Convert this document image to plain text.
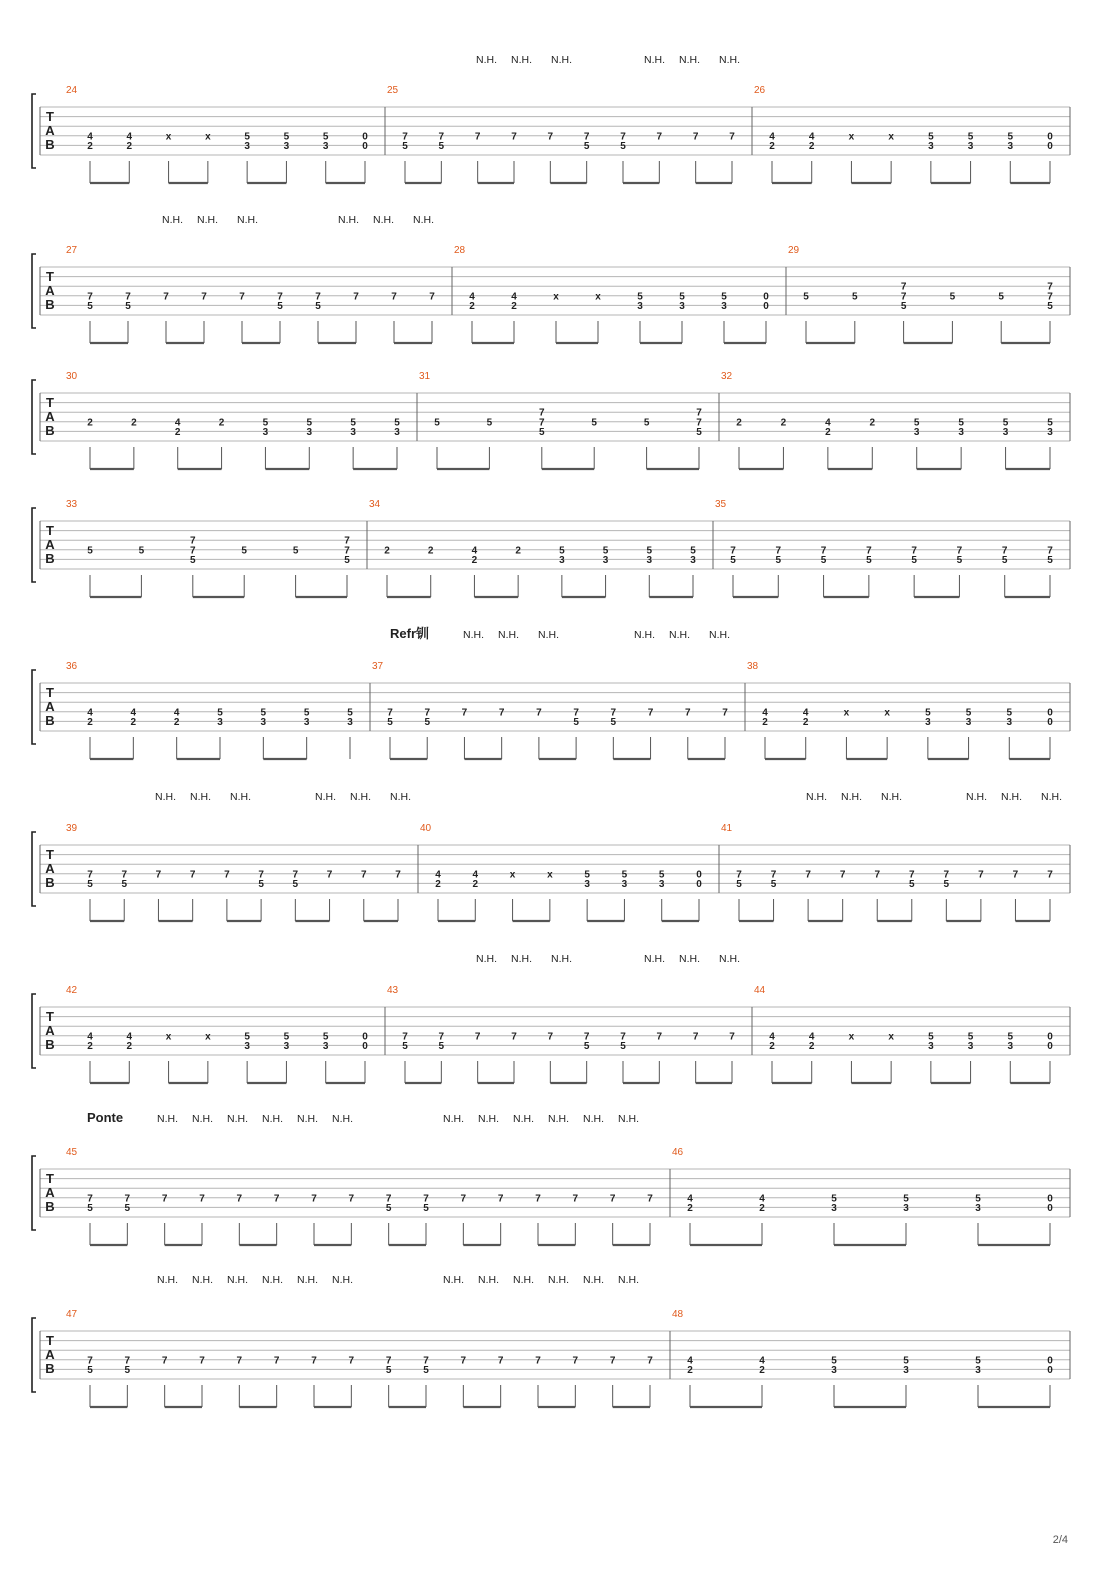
T
A
B
24
4
2
4
2
x	x	5
3
5
3
5
3
0
0
25
7
5
7
5
7	7	7	7
5
7
5
7	7	7
26
4
2
4
2
x	x	5
3
5
3
5
3
0
0
N.H. N.H. N.H.	N.H. N.H. N.H.
T
A
B
27
7
5
7
5
7	7	7	7
5
7
5
7	7	7
28
4
2
4
2
x	x	5
3
5
3
5
3
0
0
29
5	5
7
7
5
5	5
7
7
5
N.H. N.H. N.H.	N.H. N.H. N.H.
T
A
B
30
2	2	4
2
2	5
3
5
3
5
3
5
3
31
5	5
7
7
5
5	5
7
7
5
32
2	2	4
2
2	5
3
5
3
5
3
5
3
T
A
B
33
5	5
7
7
5
5	5
7
7
5
34
2	2	4
2
2	5
3
5
3
5
3
5
3
35
7
5
7
5
7
5
7
5
7
5
7
5
7
5
7
5
T
A
B
36
4
2
4
2
4
2
5
3
5
3
5
3
5
3
37
7
5
7
5
7	7	7	7
5
7
5
7	7	7
38
4
2
4
2
x	x	5
3
5
3
5
3
0
0
N.H. N.H. N.H.	N.H. N.H. N.H.
Refr钏
T
A
B
39
7
5
7
5
7	7	7	7
5
7
5
7	7	7
40
4
2
4
2
x	x	5
3
5
3
5
3
0
0
41
7
5
7
5
7	7	7	7
5
7
5
7	7	7
N.H. N.H. N.H.	N.H. N.H. N.H.	N.H. N.H. N.H.	N.H. N.H. N.H.
T
A
B
42
4
2
4
2
x	x	5
3
5
3
5
3
0
0
43
7
5
7
5
7	7	7	7
5
7
5
7	7	7
44
4
2
4
2
x	x	5
3
5
3
5
3
0
0
N.H. N.H. N.H.	N.H. N.H. N.H.
T
A
B
45
7
5
7
5
7	7	7	7	7	7	7
5
7
5
7	7	7	7	7	7
46
4
2
4
2
5
3
5
3
5
3
0
0
N.H. N.H. N.H. N.H. N.H. N.H.	N.H. N.H. N.H. N.H. N.H. N.H.
Ponte
T
A
B
47
7
5
7
5
7	7	7	7	7	7	7
5
7
5
7	7	7	7	7	7
48
4
2
4
2
5
3
5
3
5
3
0
0
N.H. N.H. N.H. N.H. N.H. N.H.	N.H. N.H. N.H. N.H. N.H. N.H.
2/4
